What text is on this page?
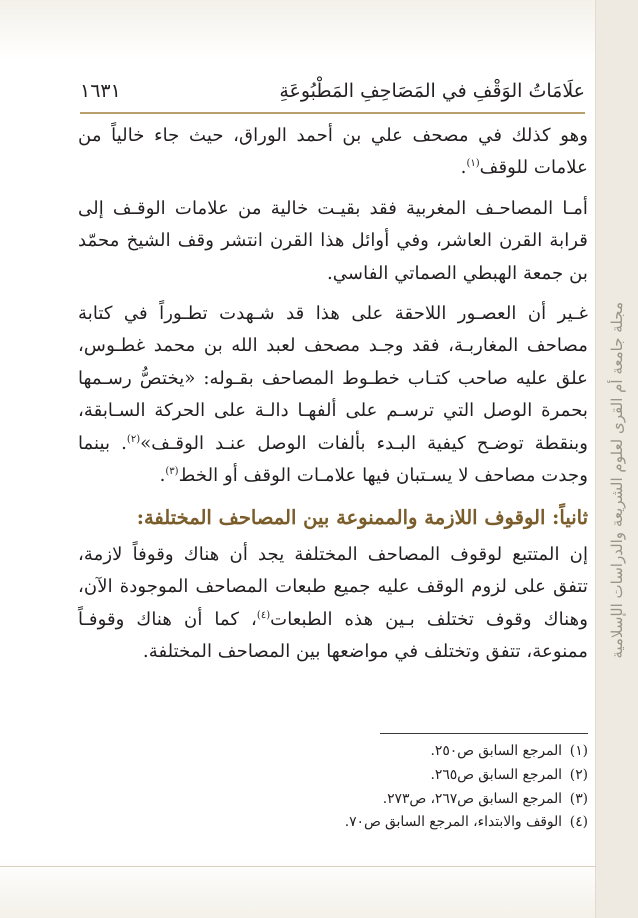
مجلة جامعة أم القرى لعلوم الشريعة والدراسات الإسلامية
علَامَاتُ الوَقْفِ في المَصَاحِفِ المَطْبُوعَةِ
١٦٣١

وهو كذلك في مصحف علي بن أحمد الوراق، حيث جاء خالياً من علامات للوقف$^{(١)}$.

أمـا المصاحـف المغربية فقد بقيـت خالية من علامات الوقـف إلى قرابة القرن العاشر، وفي أوائل هذا القرن انتشر وقف الشيخ محمّد بن جمعة الهبطي الصماتي الفاسي.

غـير أن العصـور اللاحقة على هذا قد شـهدت تطـوراً في كتابة مصاحف المغاربـة، فقد وجـد مصحف لعبد الله بن محمد غطـوس، علق عليه صاحب كتـاب خطـوط المصاحف بقـوله: «يختصُّ رسـمها بحمرة الوصل التي ترسـم على ألفهـا دالـة على الحركة السـابقة، وبنقطة توضـح كيفية البـدء بألفات الوصل عنـد الوقـف»$^{(٢)}$. بينما وجدت مصاحف لا يسـتبان فيها علامـات الوقف أو الخط$^{(٣)}$.

ثانياً: الوقوف اللازمة والممنوعة بين المصاحف المختلفة:

إن المتتبع لوقوف المصاحف المختلفة يجد أن هناك وقوفاً لازمة، تتفق على لزوم الوقف عليه جميع طبعات المصاحف الموجودة الآن، وهناك وقوف تختلف بـين هذه الطبعات$^{(٤)}$، كما أن هناك وقوفـاً ممنوعة، تتفق وتختلف في مواضعها بين المصاحف المختلفة.

(١)المرجع السابق ص٢٥٠.
(٢)المرجع السابق ص٢٦٥.
(٣)المرجع السابق ص٢٦٧، ص٢٧٣.
(٤)الوقف والابتداء، المرجع السابق ص٧٠.
